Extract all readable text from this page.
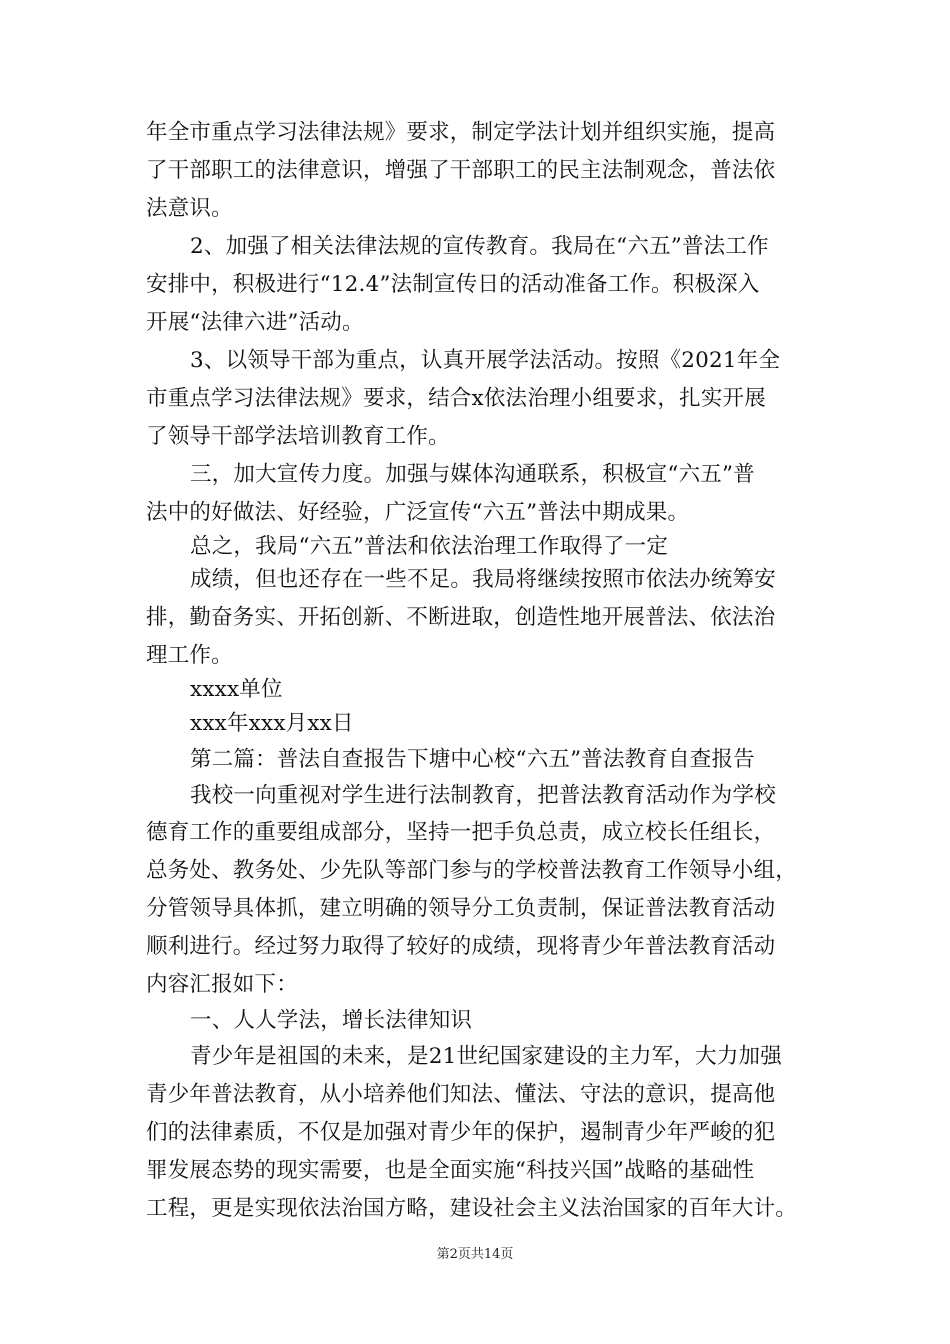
年全市重点学习法律法规》要求，制定学法计划并组织实施，提高
了干部职工的法律意识，增强了干部职工的民主法制观念，普法依
法意识。
2、加强了相关法律法规的宣传教育。我局在“六五”普法工作
安排中，积极进行“12.4”法制宣传日的活动准备工作。积极深入
开展“法律六进”活动。
3、以领导干部为重点，认真开展学法活动。按照《2021年全
市重点学习法律法规》要求，结合x依法治理小组要求，扎实开展
了领导干部学法培训教育工作。
三，加大宣传力度。加强与媒体沟通联系，积极宣“六五”普
法中的好做法、好经验，广泛宣传“六五”普法中期成果。
总之，我局“六五”普法和依法治理工作取得了一定
成绩，但也还存在一些不足。我局将继续按照市依法办统筹安
排，勤奋务实、开拓创新、不断进取，创造性地开展普法、依法治
理工作。
xxxx单位
xxx年xxx月xx日
第二篇：普法自查报告下塘中心校“六五”普法教育自查报告
我校一向重视对学生进行法制教育，把普法教育活动作为学校
德育工作的重要组成部分，坚持一把手负总责，成立校长任组长，
总务处、教务处、少先队等部门参与的学校普法教育工作领导小组，
分管领导具体抓，建立明确的领导分工负责制，保证普法教育活动
顺利进行。经过努力取得了较好的成绩，现将青少年普法教育活动
内容汇报如下：
一、人人学法，增长法律知识
青少年是祖国的未来，是21世纪国家建设的主力军，大力加强
青少年普法教育，从小培养他们知法、懂法、守法的意识，提高他
们的法律素质，不仅是加强对青少年的保护，遏制青少年严峻的犯
罪发展态势的现实需要，也是全面实施“科技兴国”战略的基础性
工程，更是实现依法治国方略，建设社会主义法治国家的百年大计。
第2页共14页
